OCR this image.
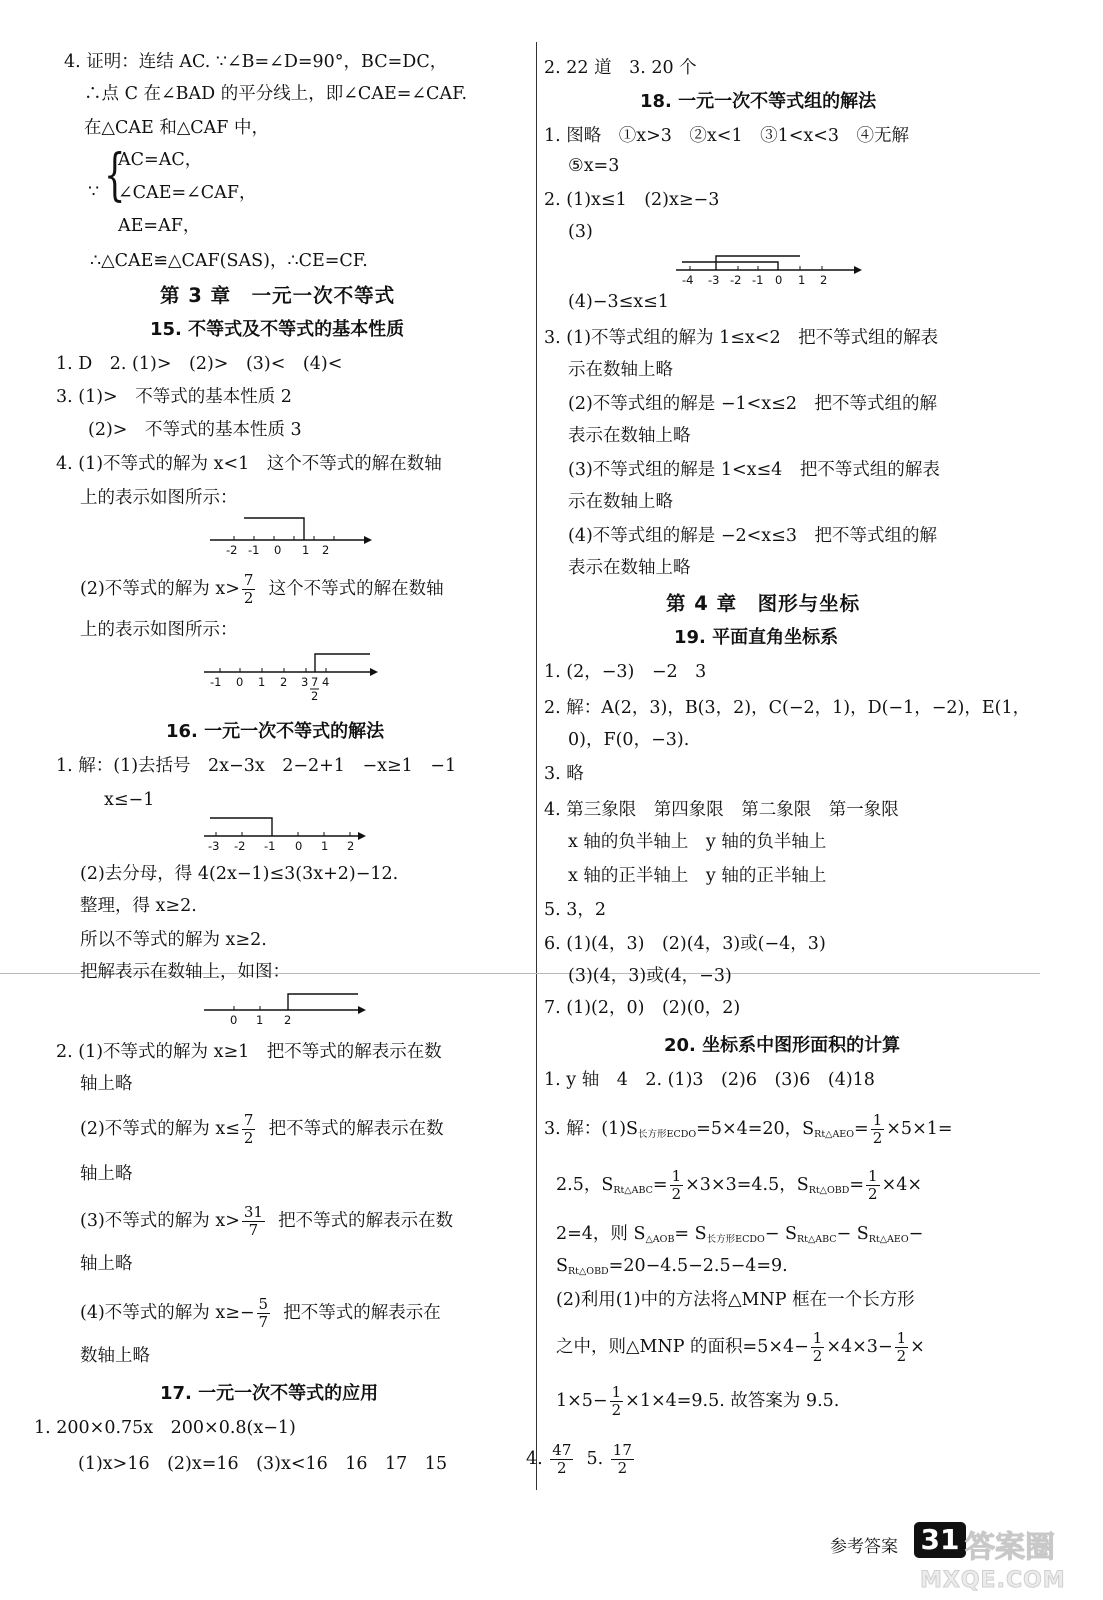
4. 证明：连结 AC. ∵∠B=∠D=90°，BC=DC，
∴点 C 在∠BAD 的平分线上，即∠CAE=∠CAF.
在△CAE 和△CAF 中，
∵ {
AC=AC，
∠CAE=∠CAF，
AE=AF，
∴△CAE≌△CAF(SAS)，∴CE=CF.
第 3 章　一元一次不等式
15. 不等式及不等式的基本性质
1. D　2. (1)>　(2)>　(3)<　(4)<
3. (1)>　不等式的基本性质 2
(2)>　不等式的基本性质 3
4. (1)不等式的解为 x<1　这个不等式的解在数轴
上的表示如图所示：
-2 -1 0 1 2
(2)不等式的解为 $x> \frac{7}{2}$ 这个不等式的解在数轴
上的表示如图所示：
-1 0 1 2 3 7 4
2
16. 一元一次不等式的解法
1. 解：(1)去括号　2x−3x　2−2+1　−x≥1　−1
x≤−1
-3 -2 -1 0 1 2
(2)去分母，得 4(2x−1)≤3(3x+2)−12.
整理，得 x≥2.
所以不等式的解为 x≥2.
把解表示在数轴上，如图：
0 1 2
2. (1)不等式的解为 x≥1　把不等式的解表示在数
轴上略
(2)不等式的解为 $x\le \frac{7}{2}$ 把不等式的解表示在数
轴上略
(3)不等式的解为 $x> \frac{31}{7}$ 把不等式的解表示在数
轴上略
(4)不等式的解为 $x\ge- \frac{5}{7}$ 把不等式的解表示在
数轴上略
17. 一元一次不等式的应用
1. 200×0.75x　200×0.8(x−1)
(1)x>16　(2)x=16　(3)x<16　16　17　15
2. 22 道　3. 20 个
18. 一元一次不等式组的解法
1. 图略　①x>3　②x<1　③1<x<3　④无解
⑤x=3
2. (1)x≤1　(2)x≥−3
(3)
-4 -3 -2 -1 0 1 2
(4)−3≤x≤1
3. (1)不等式组的解为 1≤x<2　把不等式组的解表
示在数轴上略
(2)不等式组的解是 −1<x≤2　把不等式组的解
表示在数轴上略
(3)不等式组的解是 1<x≤4　把不等式组的解表
示在数轴上略
(4)不等式组的解是 −2<x≤3　把不等式组的解
表示在数轴上略
第 4 章　图形与坐标
19. 平面直角坐标系
1. (2，−3)　−2　3
2. 解：A(2，3)，B(3，2)，C(−2，1)，D(−1，−2)，E(1，
0)，F(0，−3).
3. 略
4. 第三象限　第四象限　第二象限　第一象限
x 轴的负半轴上　y 轴的负半轴上
x 轴的正半轴上　y 轴的正半轴上
5. 3，2
6. (1)(4，3)　(2)(4，3)或(−4，3)
(3)(4，3)或(4，−3)
7. (1)(2，0)　(2)(0，2)
20. 坐标系中图形面积的计算
1. y 轴　4　2. (1)3　(2)6　(3)6　(4)18
3. 解：$(1)S_{长方形ECDO}=5\times 4=20$，$S_{Rt\triangle AEO}= \frac{1}{2} \times 5\times 1=$
2.5，$S_{Rt\triangle ABC}= \frac{1}{2} \times 3\times 3=4.5$，$S_{Rt\triangle OBD}= \frac{1}{2} \times 4\times$
2=4，则 $S_{\triangle AOB}= S_{长方形ECDO}- S_{Rt\triangle ABC}- S_{Rt\triangle AEO}-$
$S_{Rt\triangle OBD}=20-4.5-2.5-4=9$.
(2)利用(1)中的方法将△MNP 框在一个长方形
之中，则△MNP 的面积$=5\times 4- \frac{1}{2} \times 4\times 3- \frac{1}{2}$ ×
$1\times 5- \frac{1}{2} \times 1\times 4=9.5$. 故答案为 9.5.
4. $\frac{47}{2} 5$. $\frac{17}{2}$
参考答案 31 答案圈
MXQE.COM
